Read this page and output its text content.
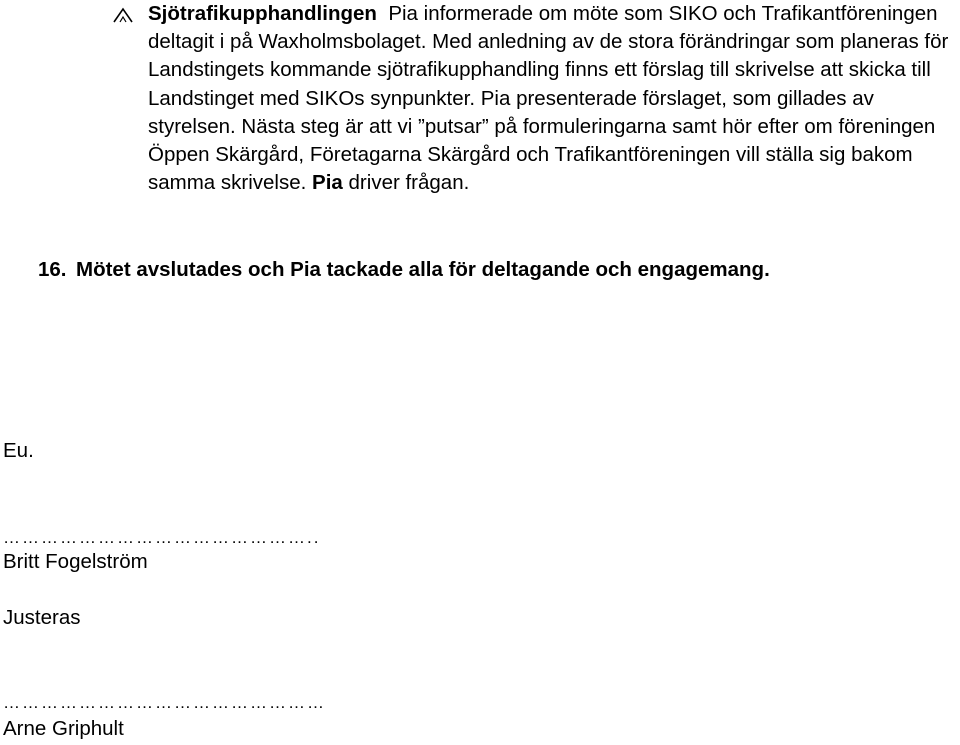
Sjötrafikupphandlingen Pia informerade om möte som SIKO och Trafikantföreningen deltagit i på Waxholmsbolaget. Med anledning av de stora förändringar som planeras för Landstingets kommande sjötrafikupphandling finns ett förslag till skrivelse att skicka till Landstinget med SIKOs synpunkter. Pia presenterade förslaget, som gillades av styrelsen. Nästa steg är att vi ”putsar” på formuleringarna samt hör efter om föreningen Öppen Skärgård, Företagarna Skärgård och Trafikantföreningen vill ställa sig bakom samma skrivelse. Pia driver frågan.

16. Mötet avslutades och Pia tackade alla för deltagande och engagemang.
Eu.
…………………………………………..
Britt Fogelström
Justeras
……………………………………………
Arne Griphult
